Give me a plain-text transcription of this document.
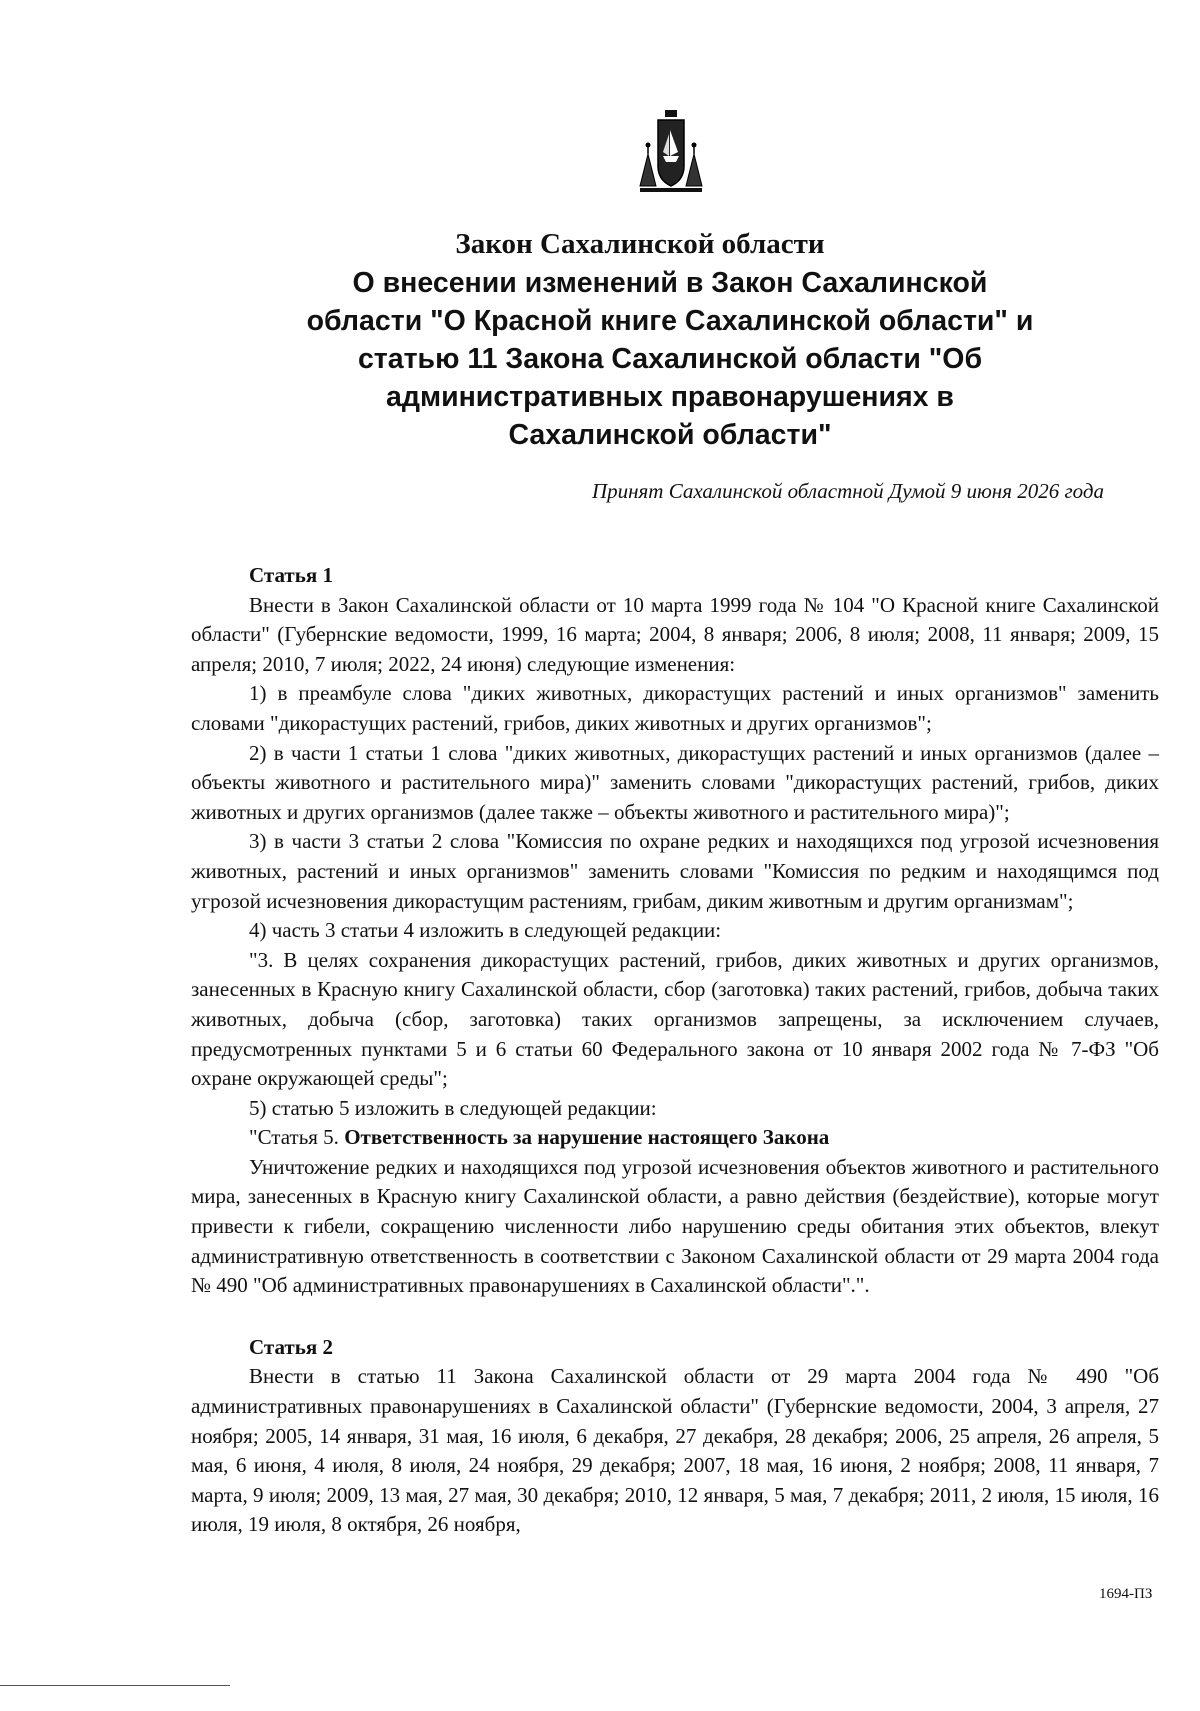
Закон Сахалинской области
О внесении изменений в Закон Сахалинской
области "О Красной книге Сахалинской области" и
статью 11 Закона Сахалинской области "Об
административных правонарушениях в
Сахалинской области"
Принят Сахалинской областной Думой 9 июня 2026 года
Статья 1

Внести в Закон Сахалинской области от 10 марта 1999 года № 104 "О Красной книге Сахалинской области" (Губернские ведомости, 1999, 16 марта; 2004, 8 января; 2006, 8 июля; 2008, 11 января; 2009, 15 апреля; 2010, 7 июля; 2022, 24 июня) следующие изменения:

1) в преамбуле слова "диких животных, дикорастущих растений и иных организмов" заменить словами "дикорастущих растений, грибов, диких животных и других организмов";

2) в части 1 статьи 1 слова "диких животных, дикорастущих растений и иных организмов (далее – объекты животного и растительного мира)" заменить словами "дикорастущих растений, грибов, диких животных и других организмов (далее также – объекты животного и растительного мира)";

3) в части 3 статьи 2 слова "Комиссия по охране редких и находящихся под угрозой исчезновения животных, растений и иных организмов" заменить словами "Комиссия по редким и находящимся под угрозой исчезновения дикорастущим растениям, грибам, диким животным и другим организмам";

4) часть 3 статьи 4 изложить в следующей редакции:

"3. В целях сохранения дикорастущих растений, грибов, диких животных и других организмов, занесенных в Красную книгу Сахалинской области, сбор (заготовка) таких растений, грибов, добыча таких животных, добыча (сбор, заготовка) таких организмов запрещены, за исключением случаев, предусмотренных пунктами 5 и 6 статьи 60 Федерального закона от 10 января 2002 года № 7-ФЗ "Об охране окружающей среды";

5) статью 5 изложить в следующей редакции:

"Статья 5. Ответственность за нарушение настоящего Закона

Уничтожение редких и находящихся под угрозой исчезновения объектов животного и растительного мира, занесенных в Красную книгу Сахалинской области, а равно действия (бездействие), которые могут привести к гибели, сокращению численности либо нарушению среды обитания этих объектов, влекут административную ответственность в соответствии с Законом Сахалинской области от 29 марта 2004 года № 490 "Об административных правонарушениях в Сахалинской области".".

Статья 2

Внести в статью 11 Закона Сахалинской области от 29 марта 2004 года № 490 "Об административных правонарушениях в Сахалинской области" (Губернские ведомости, 2004, 3 апреля, 27 ноября; 2005, 14 января, 31 мая, 16 июля, 6 декабря, 27 декабря, 28 декабря; 2006, 25 апреля, 26 апреля, 5 мая, 6 июня, 4 июля, 8 июля, 24 ноября, 29 декабря; 2007, 18 мая, 16 июня, 2 ноября; 2008, 11 января, 7 марта, 9 июля; 2009, 13 мая, 27 мая, 30 декабря; 2010, 12 января, 5 мая, 7 декабря; 2011, 2 июля, 15 июля, 16 июля, 19 июля, 8 октября, 26 ноября,

1694-ПЗ
